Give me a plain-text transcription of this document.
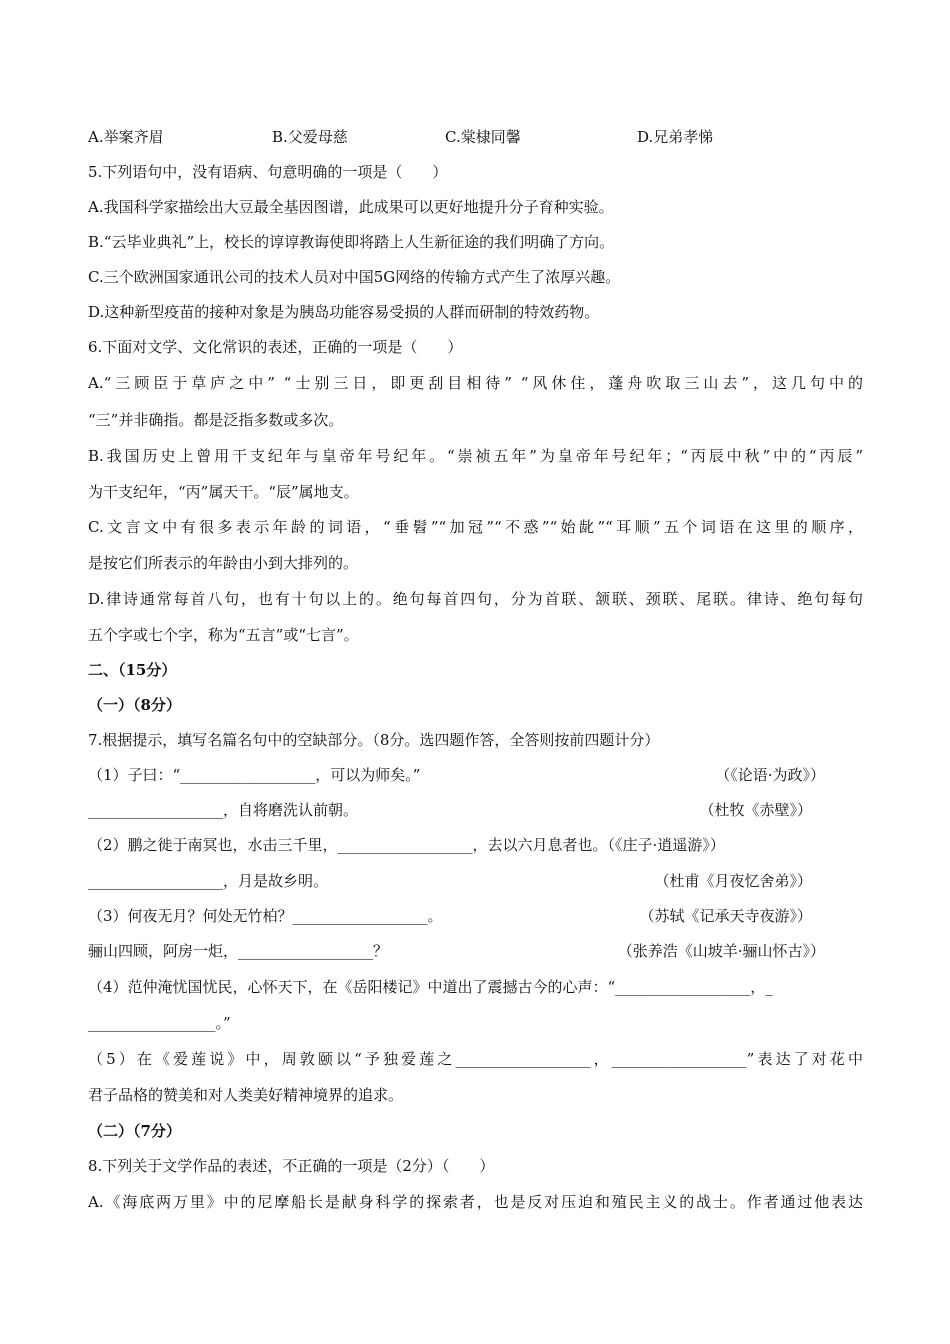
A.举案齐眉	B.父爱母慈	C.棠棣同馨	D.兄弟孝悌
5.下列语句中，没有语病、句意明确的一项是（　　）
A.我国科学家描绘出大豆最全基因图谱，此成果可以更好地提升分子育种实验。
B.“云毕业典礼”上，校长的谆谆教诲使即将踏上人生新征途的我们明确了方向。
C.三个欧洲国家通讯公司的技术人员对中国5G网络的传输方式产生了浓厚兴趣。
D.这种新型疫苗的接种对象是为胰岛功能容易受损的人群而研制的特效药物。
6.下面对文学、文化常识的表述，正确的一项是（　　）
A.“三顾臣于草庐之中” “士别三日，即更刮目相待” “风休住，蓬舟吹取三山去”，这几句中的
“三”并非确指。都是泛指多数或多次。
B.我国历史上曾用干支纪年与皇帝年号纪年。“崇祯五年”为皇帝年号纪年；“丙辰中秋”中的“丙辰”
为干支纪年，“丙”属天干。“辰”属地支。
C.文言文中有很多表示年龄的词语，“垂髫”“加冠”“不惑”“始龀”“耳顺”五个词语在这里的顺序，
是按它们所表示的年龄由小到大排列的。
D.律诗通常每首八句，也有十句以上的。绝句每首四句，分为首联、颔联、颈联、尾联。律诗、绝句每句
五个字或七个字，称为“五言”或“七言”。
二、（15分）
（一）（8分）
7.根据提示，填写名篇名句中的空缺部分。（8分。选四题作答，全答则按前四题计分）
（1）子曰：“__________________，可以为师矣。”	（《论语·为政》）
__________________，自将磨洗认前朝。	（杜牧《赤壁》）
（2）鹏之徙于南冥也，水击三千里，__________________，去以六月息者也。（《庄子·逍遥游》）
__________________，月是故乡明。	（杜甫《月夜忆舍弟》）
（3）何夜无月？何处无竹柏？__________________。	（苏轼《记承天寺夜游》）
骊山四顾，阿房一炬，__________________？	（张养浩《山坡羊·骊山怀古》）
（4）范仲淹忧国忧民，心怀天下，在《岳阳楼记》中道出了震撼古今的心声：“__________________，_
_________________。”
（5）在《爱莲说》中，周敦颐以“予独爱莲之__________________，__________________”表达了对花中
君子品格的赞美和对人类美好精神境界的追求。
（二）（7分）
8.下列关于文学作品的表述，不正确的一项是（2分）（　　）
A.《海底两万里》中的尼摩船长是献身科学的探索者，也是反对压迫和殖民主义的战士。作者通过他表达
